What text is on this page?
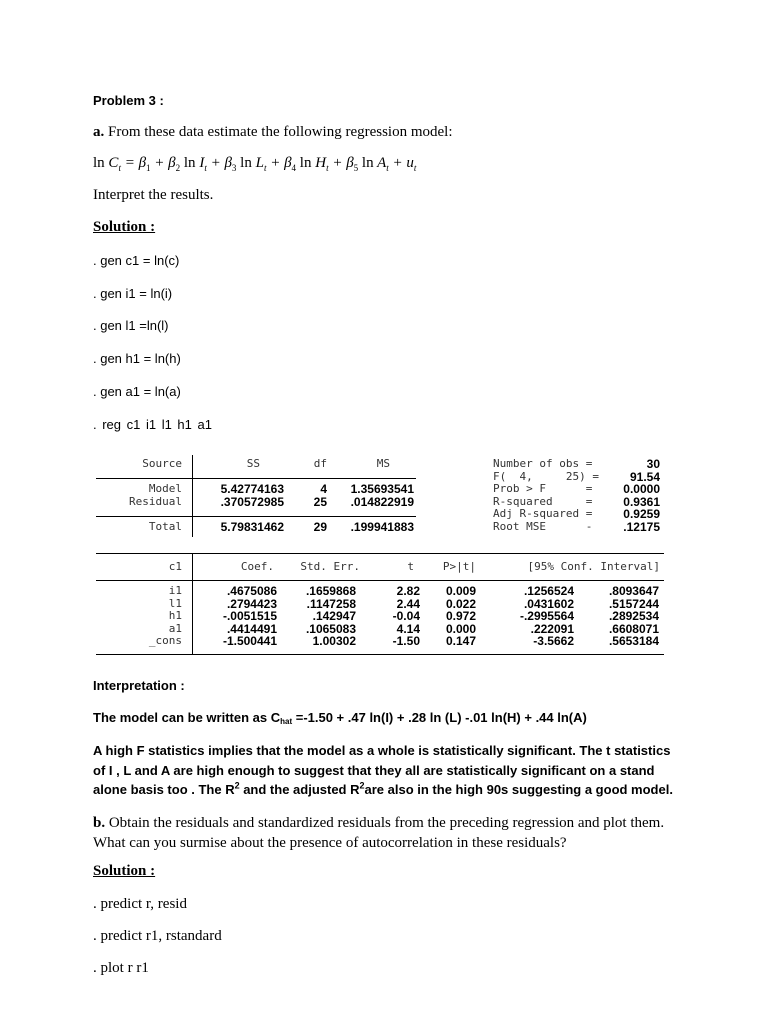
Problem 3 :
a. From these data estimate the following regression model:
$\ln C_t = \beta_1 + \beta_2$ $\ln I_t + \beta_3$ $\ln L_t + \beta_4$ $\ln H_t + \beta_5$ $\ln A_t + u_t$
Interpret the results.
Solution :
. gen c1 = ln(c)
. gen i1 = ln(i)
. gen l1 =ln(l)
. gen h1 = ln(h)
. gen a1 = ln(a)
. reg c1 i1 l1 h1 a1
Source	SS	df	MS
Model	5.42774163	4	1.35693541
Residual	.370572985	25	.014822919
Total	5.79831462	29	.199941883
Number of obs =	30
F(  4,     25) =	91.54
Prob > F      =	0.0000
R-squared     =	0.9361
Adj R-squared =	0.9259
Root MSE      -	.12175
c1	Coef.	Std. Err.	t	P>|t|	[95% Conf. Interval]
i1	.4675086	.1659868	2.82	0.009	.1256524	.8093647
l1	.2794423	.1147258	2.44	0.022	.0431602	.5157244
h1	-.0051515	.142947	-0.04	0.972	-.2995564	.2892534
a1	.4414491	.1065083	4.14	0.000	.222091	.6608071
_cons	-1.500441	1.00302	-1.50	0.147	-3.5662	.5653184
Interpretation :
The model can be written as $C_{hat} =-1.50 + .47$ ln(I) + .28 ln (L) -.01 ln(H) + .44 ln(A)
A high F statistics implies that the model as a whole is statistically significant. The t statistics of I , L and A are high enough to suggest that they all are statistically significant on a stand alone basis too . The $R^2$ and the adjusted $R^2are$ also in the high 90s suggesting a good model.
b. Obtain the residuals and standardized residuals from the preceding regression and plot them. What can you surmise about the presence of autocorrelation in these residuals?
Solution :
. predict r, resid
. predict r1, rstandard
. plot r r1
